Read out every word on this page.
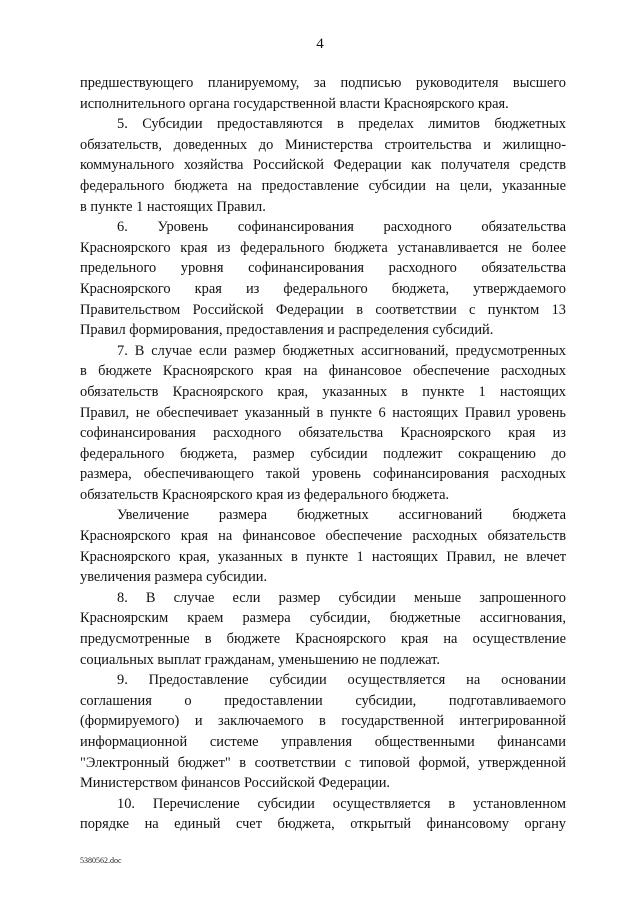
4
предшествующего планируемому, за подписью руководителя высшего
исполнительного органа государственной власти Красноярского края.
5. Субсидии предоставляются в пределах лимитов бюджетных
обязательств, доведенных до Министерства строительства и жилищно-
коммунального хозяйства Российской Федерации как получателя средств
федерального бюджета на предоставление субсидии на цели, указанные
в пункте 1 настоящих Правил.
6. Уровень софинансирования расходного обязательства
Красноярского края из федерального бюджета устанавливается не более
предельного уровня софинансирования расходного обязательства
Красноярского края из федерального бюджета, утверждаемого
Правительством Российской Федерации в соответствии с пунктом 13
Правил формирования, предоставления и распределения субсидий.
7. В случае если размер бюджетных ассигнований, предусмотренных
в бюджете Красноярского края на финансовое обеспечение расходных
обязательств Красноярского края, указанных в пункте 1 настоящих
Правил, не обеспечивает указанный в пункте 6 настоящих Правил уровень
софинансирования расходного обязательства Красноярского края из
федерального бюджета, размер субсидии подлежит сокращению до
размера, обеспечивающего такой уровень софинансирования расходных
обязательств Красноярского края из федерального бюджета.
Увеличение размера бюджетных ассигнований бюджета
Красноярского края на финансовое обеспечение расходных обязательств
Красноярского края, указанных в пункте 1 настоящих Правил, не влечет
увеличения размера субсидии.
8. В случае если размер субсидии меньше запрошенного
Красноярским краем размера субсидии, бюджетные ассигнования,
предусмотренные в бюджете Красноярского края на осуществление
социальных выплат гражданам, уменьшению не подлежат.
9. Предоставление субсидии осуществляется на основании
соглашения о предоставлении субсидии, подготавливаемого
(формируемого) и заключаемого в государственной интегрированной
информационной системе управления общественными финансами
"Электронный бюджет" в соответствии с типовой формой, утвержденной
Министерством финансов Российской Федерации.
10. Перечисление субсидии осуществляется в установленном
порядке на единый счет бюджета, открытый финансовому органу
5380562.doc
